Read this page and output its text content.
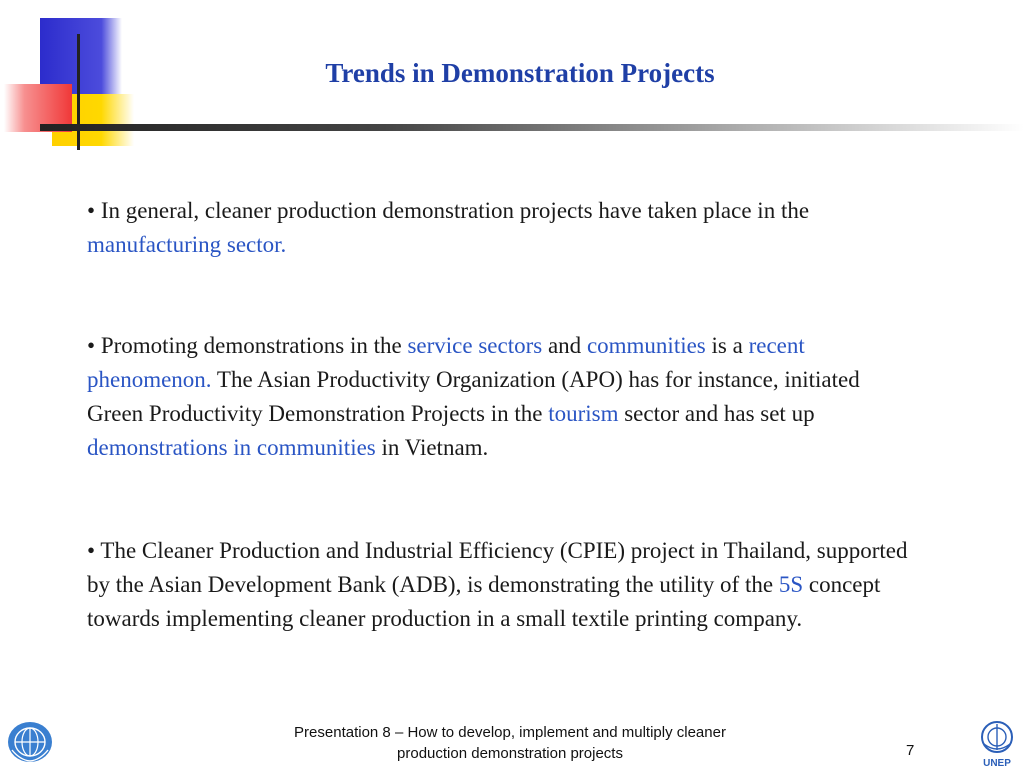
Trends in Demonstration Projects

• In general, cleaner production demonstration projects have taken place in the manufacturing sector.

• Promoting demonstrations in the service sectors and communities is a recent phenomenon. The Asian Productivity Organization (APO) has for instance, initiated Green Productivity Demonstration Projects in the tourism sector and has set up demonstrations in communities in Vietnam.

• The Cleaner Production and Industrial Efficiency (CPIE) project in Thailand, supported by the Asian Development Bank (ADB), is demonstrating the utility of the 5S concept towards implementing cleaner production in a small textile printing company.

Presentation 8 – How to develop, implement and multiply cleaner
production demonstration projects	7
UNEP
